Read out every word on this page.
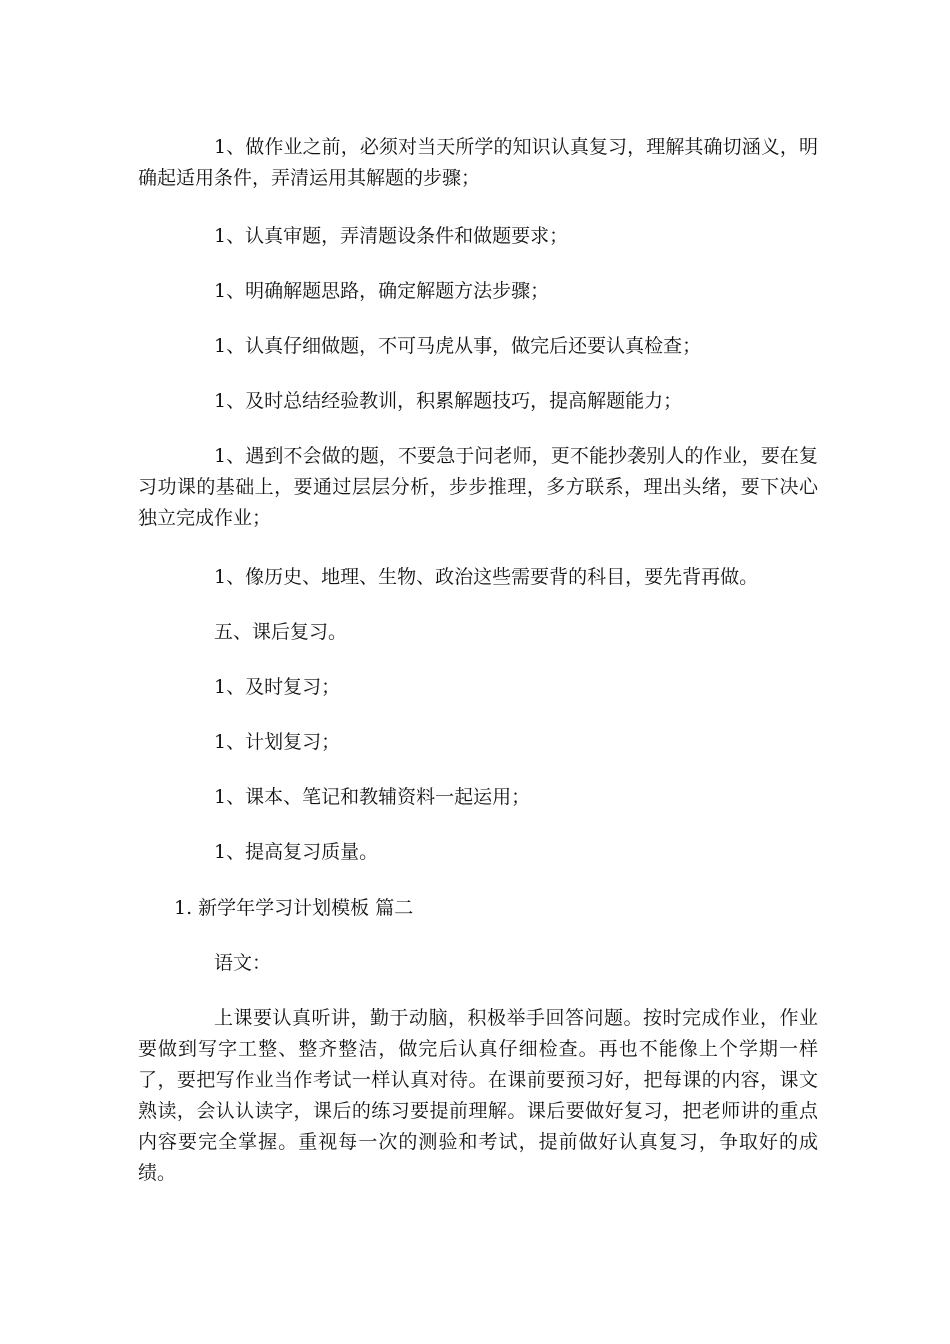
1、做作业之前，必须对当天所学的知识认真复习，理解其确切涵义，明确起适用条件，弄清运用其解题的步骤；

1、认真审题，弄清题设条件和做题要求；

1、明确解题思路，确定解题方法步骤；

1、认真仔细做题，不可马虎从事，做完后还要认真检查；

1、及时总结经验教训，积累解题技巧，提高解题能力；

1、遇到不会做的题，不要急于问老师，更不能抄袭别人的作业，要在复习功课的基础上，要通过层层分析，步步推理，多方联系，理出头绪，要下决心独立完成作业；

1、像历史、地理、生物、政治这些需要背的科目，要先背再做。

五、课后复习。

1、及时复习；

1、计划复习；

1、课本、笔记和教辅资料一起运用；

1、提高复习质量。

1. 新学年学习计划模板 篇二

语文：

上课要认真听讲，勤于动脑，积极举手回答问题。按时完成作业，作业要做到写字工整、整齐整洁，做完后认真仔细检查。再也不能像上个学期一样了，要把写作业当作考试一样认真对待。在课前要预习好，把每课的内容，课文熟读，会认认读字，课后的练习要提前理解。课后要做好复习，把老师讲的重点内容要完全掌握。重视每一次的测验和考试，提前做好认真复习，争取好的成绩。
